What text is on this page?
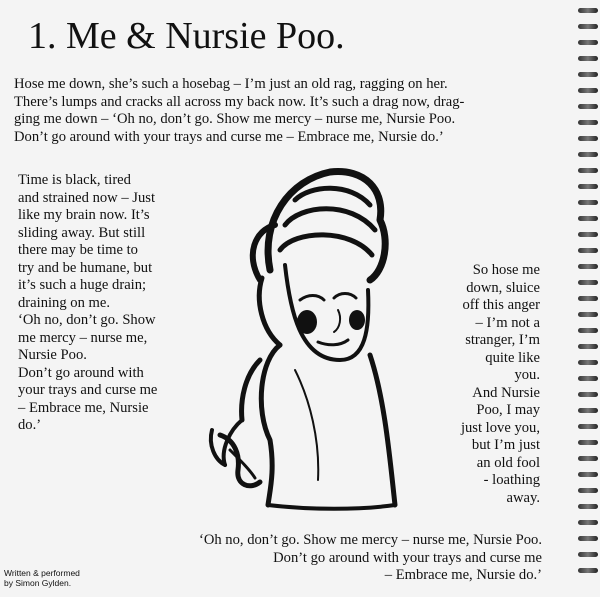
1. Me & Nursie Poo.

Hose me down, she’s such a hosebag – I’m just an old rag, ragging on her.
There’s lumps and cracks all across my back now. It’s such a drag now, drag-
ging me down – ‘Oh no, don’t go. Show me mercy – nurse me, Nursie Poo.
Don’t go around with your trays and curse me – Embrace me, Nursie do.’

Time is black, tired
and strained now – Just
like my brain now. It’s
sliding away. But still
there may be time to
try and be humane, but
it’s such a huge drain;
draining on me.
‘Oh no, don’t go. Show
me mercy – nurse me,
Nursie Poo.
Don’t go around with
your trays and curse me
– Embrace me, Nursie
do.’
So hose me
down, sluice
off this anger
– I’m not a
stranger, I’m
quite like
you.
And Nursie
Poo, I may
just love you,
but I’m just
an old fool
- loathing
away.
‘Oh no, don’t go. Show me mercy – nurse me, Nursie Poo.
Don’t go around with your trays and curse me
– Embrace me, Nursie do.’
Written & performed
by Simon Gylden.
